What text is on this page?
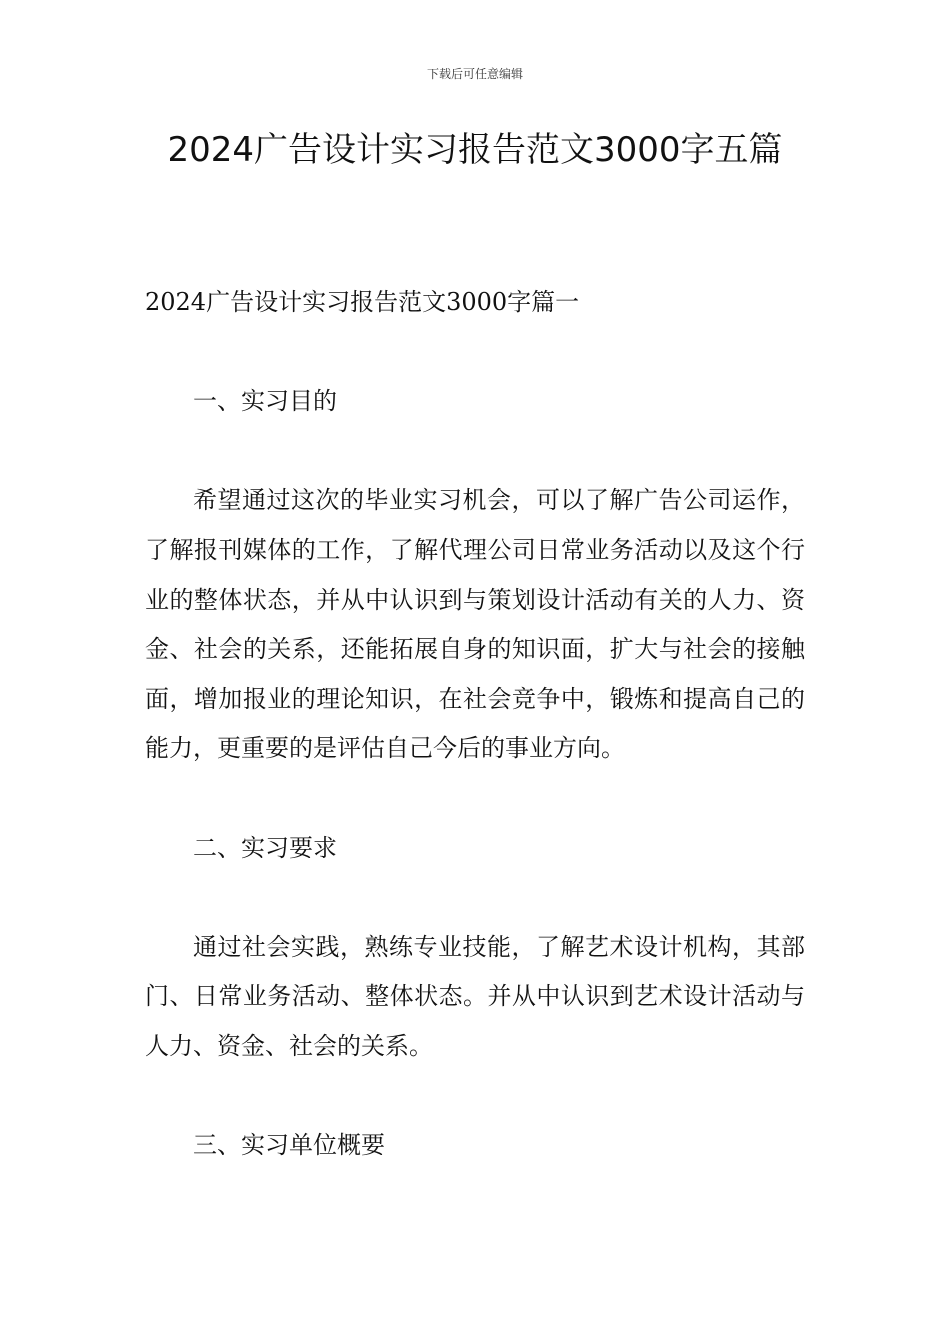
下载后可任意编辑
2024广告设计实习报告范文3000字五篇

2024广告设计实习报告范文3000字篇一

一、实习目的

希望通过这次的毕业实习机会，可以了解广告公司运作，了解报刊媒体的工作，了解代理公司日常业务活动以及这个行业的整体状态，并从中认识到与策划设计活动有关的人力、资金、社会的关系，还能拓展自身的知识面，扩大与社会的接触面，增加报业的理论知识，在社会竞争中，锻炼和提高自己的能力，更重要的是评估自己今后的事业方向。

二、实习要求

通过社会实践，熟练专业技能，了解艺术设计机构，其部门、日常业务活动、整体状态。并从中认识到艺术设计活动与人力、资金、社会的关系。

三、实习单位概要
